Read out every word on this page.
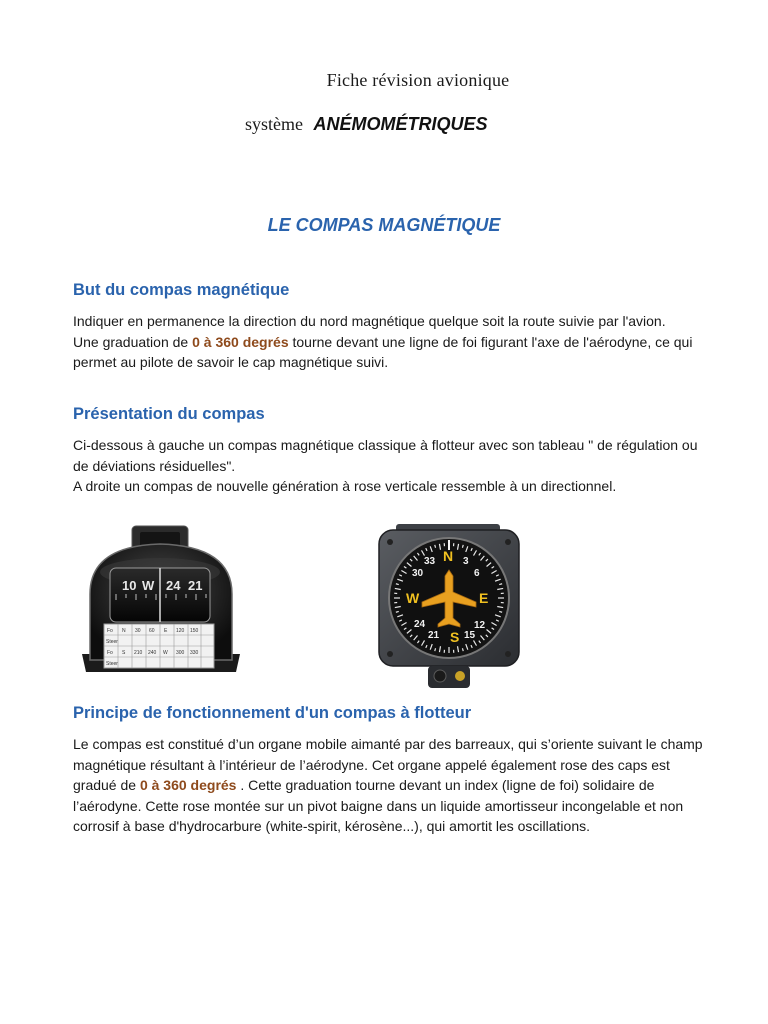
Fiche révision avionique
système ANÉMOMÉTRIQUES
LE COMPAS MAGNÉTIQUE
But du compas magnétique
Indiquer en permanence la direction du nord magnétique quelque soit la route suivie par l'avion.
Une graduation de 0 à 360 degrés tourne devant une ligne de foi figurant l'axe de l'aérodyne, ce qui permet au pilote de savoir le cap magnétique suivi.
Présentation du compas
Ci-dessous à gauche un compas magnétique classique à flotteur avec son tableau " de régulation ou de déviations résiduelles".
A droite un compas de nouvelle génération à rose verticale ressemble à un directionnel.
10 W 24 21
Fo N 30 60 E 120 150
Steer
Fo S 210 240 W 300 330
Steer
N
E
S
W
3
6
12
15
21
24
30
33
Principe de fonctionnement d'un compas à flotteur
Le compas est constitué d’un organe mobile aimanté par des barreaux, qui s’oriente suivant le champ magnétique résultant à l’intérieur de l’aérodyne. Cet organe appelé également rose des caps est gradué de 0 à 360 degrés . Cette graduation tourne devant un index (ligne de foi) solidaire de l’aérodyne. Cette rose montée sur un pivot baigne dans un liquide amortisseur incongelable et non corrosif à base d'hydrocarbure (white-spirit, kérosène...), qui amortit les oscillations.
